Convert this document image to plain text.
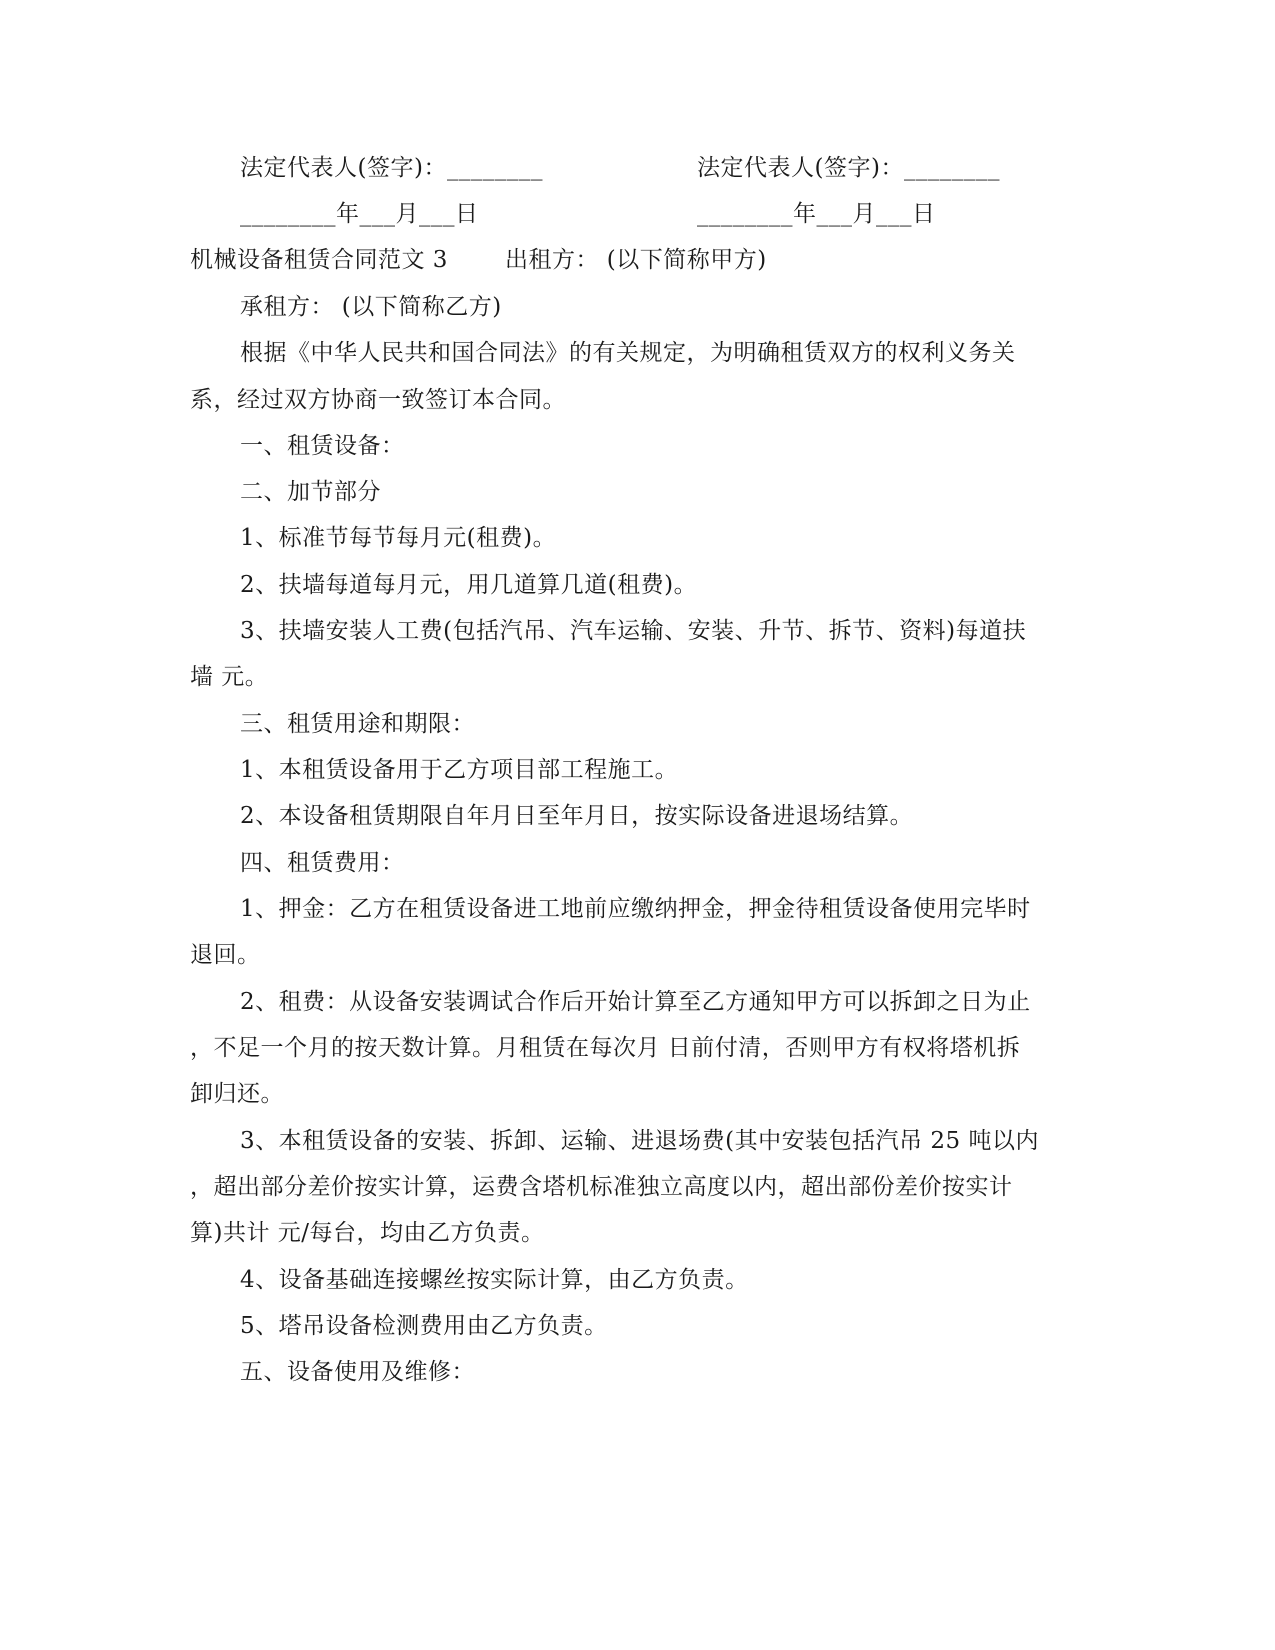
法定代表人(签字)：________	法定代表人(签字)：________
________年___月___日	________年___月___日
机械设备租赁合同范文 3 出租方： (以下简称甲方)
承租方： (以下简称乙方)
根据《中华人民共和国合同法》的有关规定，为明确租赁双方的权利义务关
系，经过双方协商一致签订本合同。
一、租赁设备：
二、加节部分
1、标准节每节每月元(租费)。
2、扶墙每道每月元，用几道算几道(租费)。
3、扶墙安装人工费(包括汽吊、汽车运输、安装、升节、拆节、资料)每道扶
墙 元。
三、租赁用途和期限：
1、本租赁设备用于乙方项目部工程施工。
2、本设备租赁期限自年月日至年月日，按实际设备进退场结算。
四、租赁费用：
1、押金：乙方在租赁设备进工地前应缴纳押金，押金待租赁设备使用完毕时
退回。
2、租费：从设备安装调试合作后开始计算至乙方通知甲方可以拆卸之日为止
，不足一个月的按天数计算。月租赁在每次月 日前付清，否则甲方有权将塔机拆
卸归还。
3、本租赁设备的安装、拆卸、运输、进退场费(其中安装包括汽吊 25 吨以内
，超出部分差价按实计算，运费含塔机标准独立高度以内，超出部份差价按实计
算)共计 元/每台，均由乙方负责。
4、设备基础连接螺丝按实际计算，由乙方负责。
5、塔吊设备检测费用由乙方负责。
五、设备使用及维修：
